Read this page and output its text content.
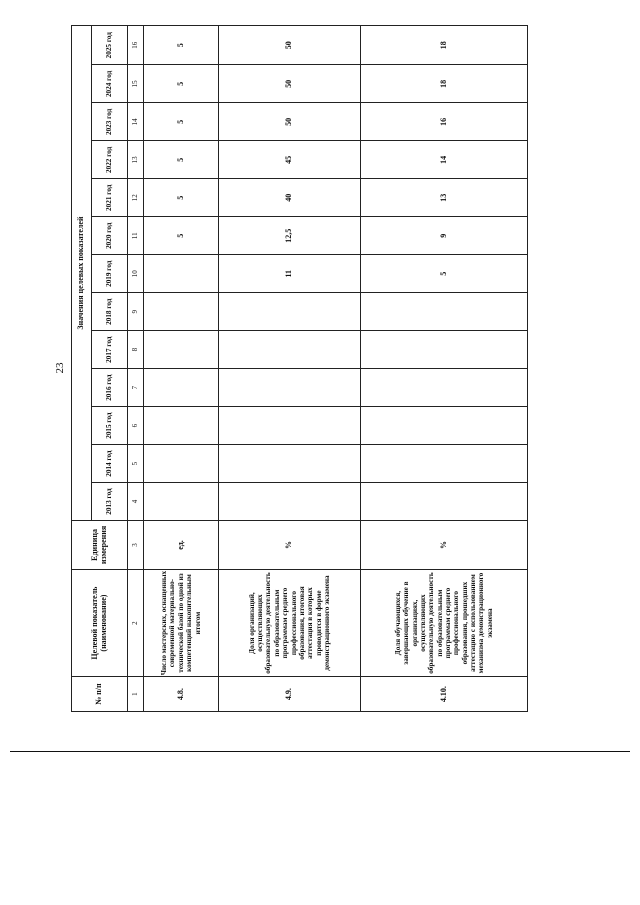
23
№ п/п	Целевой показатель (наименование)	Единица измерения	Значения целевых показателей												
			2013 год	2014 год	2015 год	2016 год	2017 год	2018 год	2019 год	2020 год	2021 год	2022 год	2023 год	2024 год	2025 год
1	2	3	4	5	6	7	8	9	10	11	12	13	14	15	16
4.8.	Число мастерских, оснащенных современной материально-технической базой по одной из компетенций накопительным итогом	ед.								5	5	5	5	5	5
4.9.	Доля организаций, осуществляющих образовательную деятельность по образовательным программам среднего профессионального образования, итоговая аттестация в которых проводится в форме демонстрационного экзамена	%							11	12,5	40	45	50	50	50
4.10.	Доля обучающихся, завершающих обучение в организациях, осуществляющих образовательную деятельность по образовательным программам среднего профессионального образования, прошедших аттестацию с использованием механизма демонстрационного экзамена	%							5	9	13	14	16	18	18
